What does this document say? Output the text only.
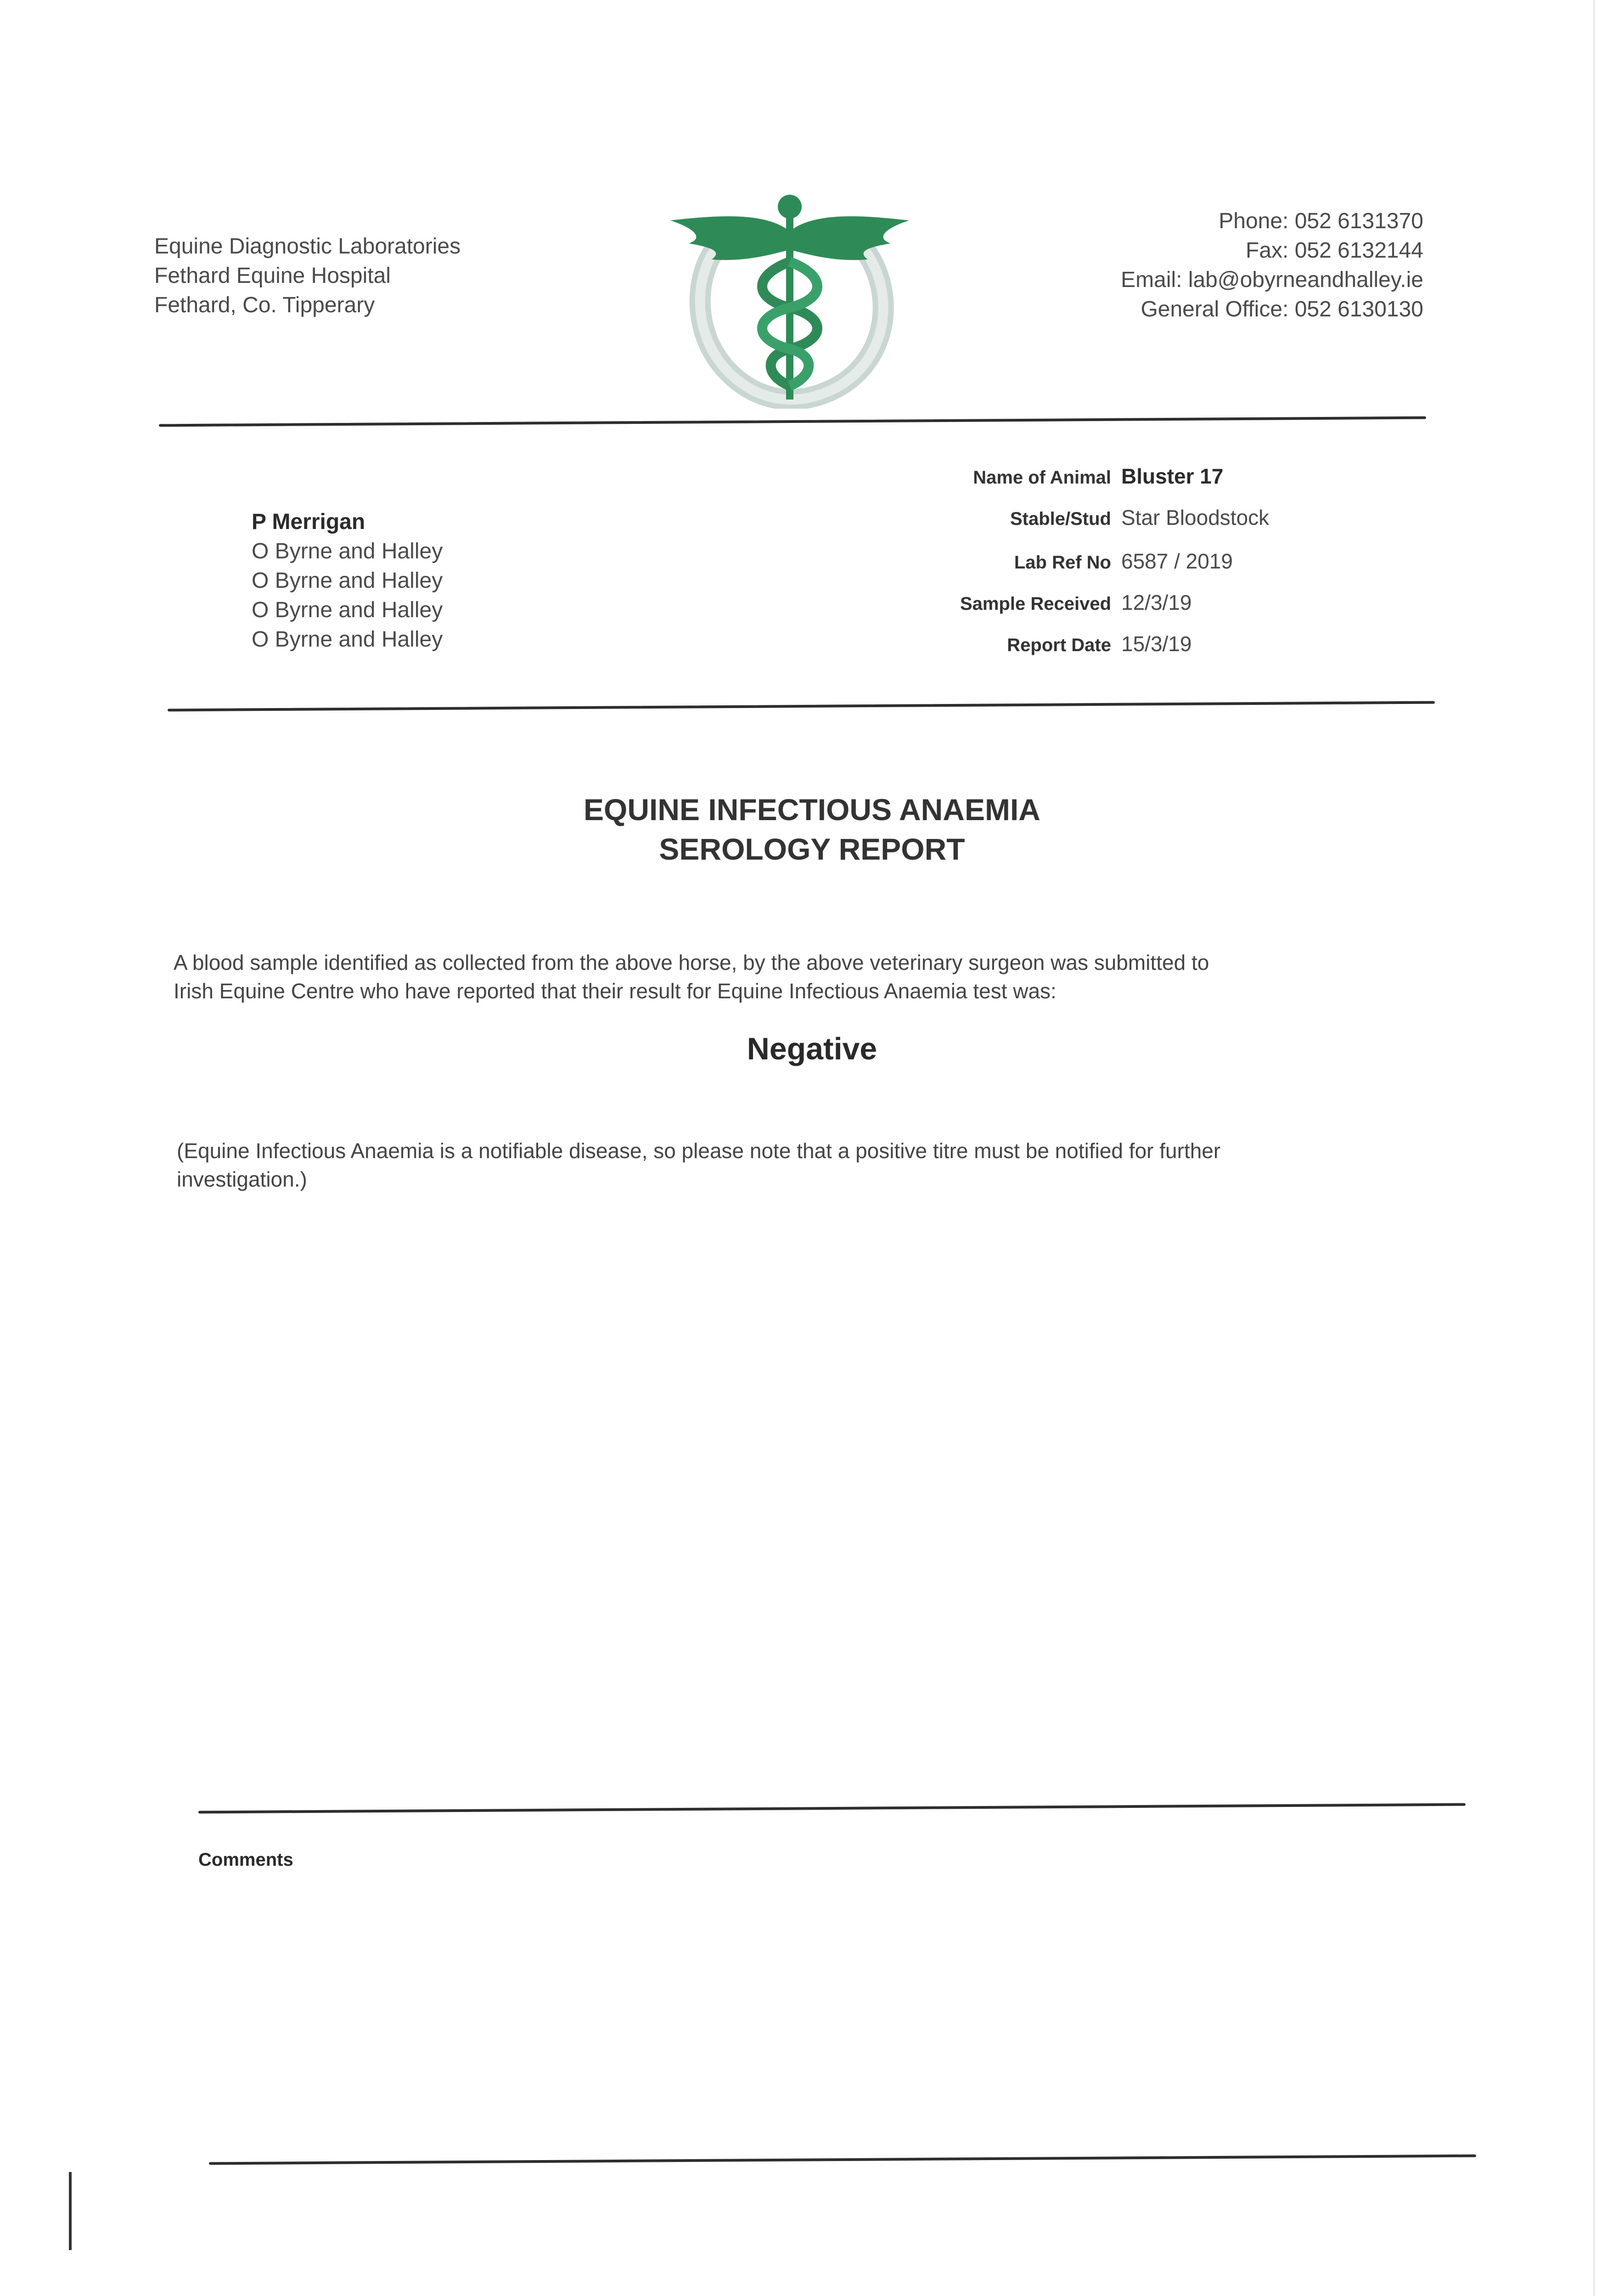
Equine Diagnostic Laboratories
Fethard Equine Hospital
Fethard, Co. Tipperary
Phone: 052 6131370
Fax: 052 6132144
Email: lab@obyrneandhalley.ie
General Office: 052 6130130
P Merrigan
O Byrne and Halley
O Byrne and Halley
O Byrne and Halley
O Byrne and Halley
Name of Animal Bluster 17
Stable/Stud Star Bloodstock
Lab Ref No 6587 / 2019
Sample Received 12/3/19
Report Date 15/3/19
EQUINE INFECTIOUS ANAEMIA
SEROLOGY REPORT
A blood sample identified as collected from the above horse, by the above veterinary surgeon was submitted to
Irish Equine Centre who have reported that their result for Equine Infectious Anaemia test was:
Negative
(Equine Infectious Anaemia is a notifiable disease, so please note that a positive titre must be notified for further
investigation.)
Comments
